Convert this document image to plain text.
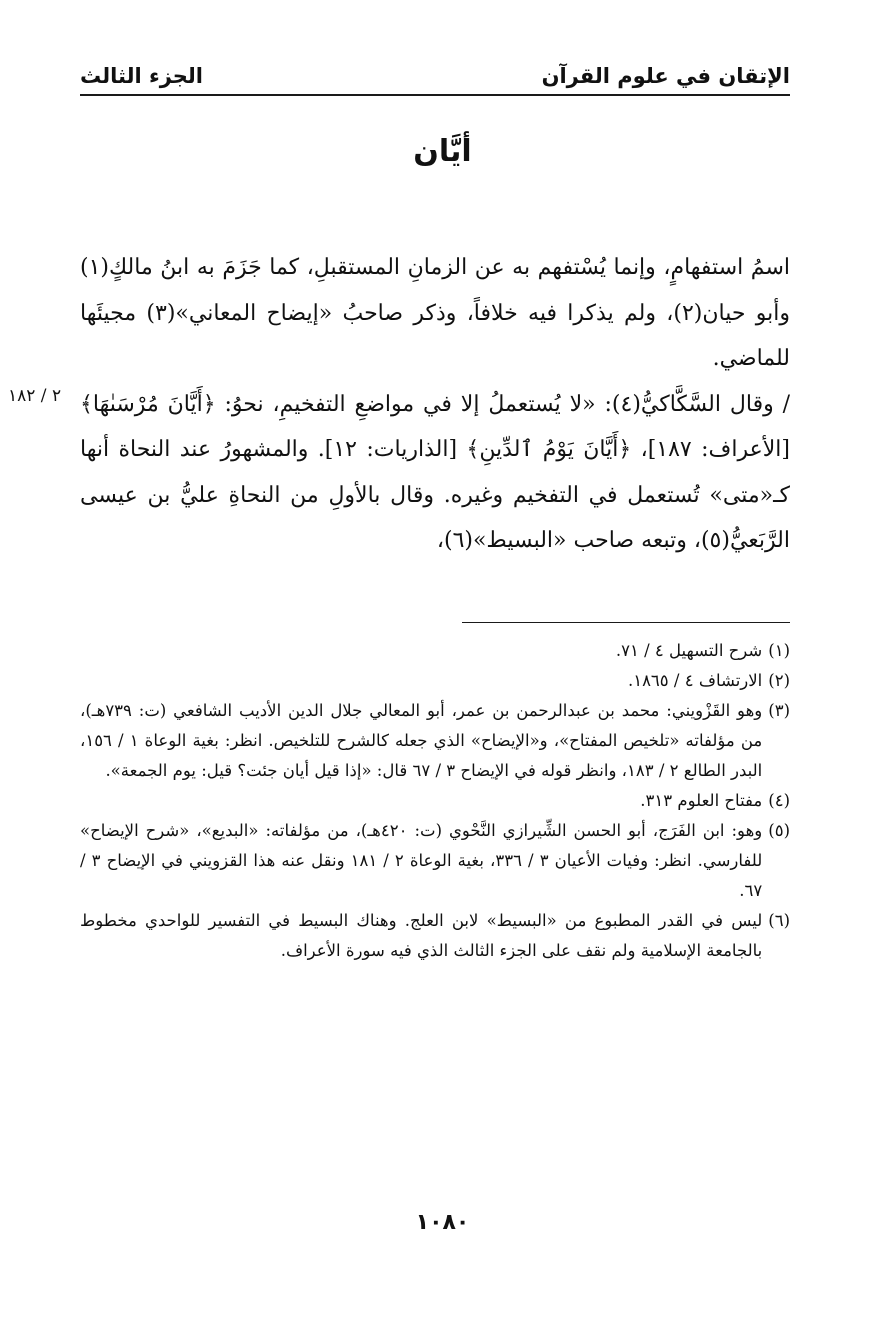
الإتقان في علوم القرآن
الجزء الثالث
أيَّان

اسمُ استفهامٍ، وإنما يُسْتفهم به عن الزمانِ المستقبلِ، كما جَزَمَ به ابنُ مالكٍ(١) وأبو حيان(٢)، ولم يذكرا فيه خلافاً، وذكر صاحبُ «إيضاح المعاني»(٣) مجيئَها للماضي.

/ وقال السَّكَّاكيُّ(٤): «لا يُستعملُ إلا في مواضعِ التفخيمِ، نحوُ: ﴿أَيَّانَ مُرْسَىٰهَا﴾ [الأعراف: ١٨٧]، ﴿أَيَّانَ يَوْمُ ٱلدِّينِ﴾ [الذاريات: ١٢]. والمشهورُ عند النحاة أنها كـ«متى» تُستعمل في التفخيم وغيره. وقال بالأولِ من النحاةِ عليُّ بن عيسى الرَّبَعيُّ(٥)، وتبعه صاحب «البسيط»(٦)،

٢ / ١٨٢
(١)
شرح التسهيل ٤ / ٧١.
(٢)
الارتشاف ٤ / ١٨٦٥.
(٣)
وهو القَزْويني: محمد بن عبدالرحمن بن عمر، أبو المعالي جلال الدين الأديب الشافعي (ت: ٧٣٩هـ)، من مؤلفاته «تلخيص المفتاح»، و«الإيضاح» الذي جعله كالشرح للتلخيص. انظر: بغية الوعاة ١ / ١٥٦، البدر الطالع ٢ / ١٨٣، وانظر قوله في الإيضاح ٣ / ٦٧ قال: «إذا قيل أيان جئت؟ قيل: يوم الجمعة».
(٤)
مفتاح العلوم ٣١٣.
(٥)
وهو: ابن الفَرَج، أبو الحسن الشِّيرازي النَّحْوي (ت: ٤٢٠هـ)، من مؤلفاته: «البديع»، «شرح الإيضاح» للفارسي. انظر: وفيات الأعيان ٣ / ٣٣٦، بغية الوعاة ٢ / ١٨١ ونقل عنه هذا القزويني في الإيضاح ٣ / ٦٧.
(٦)
ليس في القدر المطبوع من «البسيط» لابن العلج. وهناك البسيط في التفسير للواحدي مخطوط بالجامعة الإسلامية ولم نقف على الجزء الثالث الذي فيه سورة الأعراف.
١٠٨٠
